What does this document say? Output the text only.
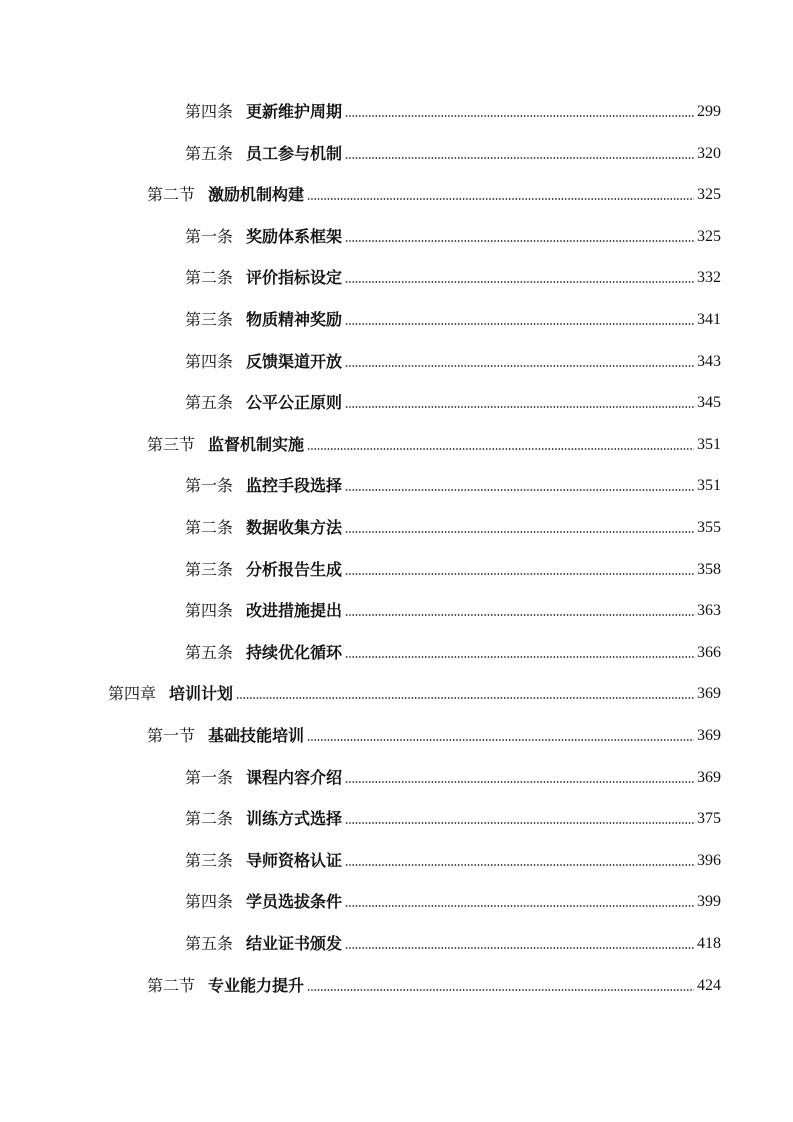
第四条 更新维护周期	299
第五条 员工参与机制	320
第二节 激励机制构建	325
第一条 奖励体系框架	325
第二条 评价指标设定	332
第三条 物质精神奖励	341
第四条 反馈渠道开放	343
第五条 公平公正原则	345
第三节 监督机制实施	351
第一条 监控手段选择	351
第二条 数据收集方法	355
第三条 分析报告生成	358
第四条 改进措施提出	363
第五条 持续优化循环	366
第四章 培训计划	369
第一节 基础技能培训	369
第一条 课程内容介绍	369
第二条 训练方式选择	375
第三条 导师资格认证	396
第四条 学员选拔条件	399
第五条 结业证书颁发	418
第二节 专业能力提升	424
